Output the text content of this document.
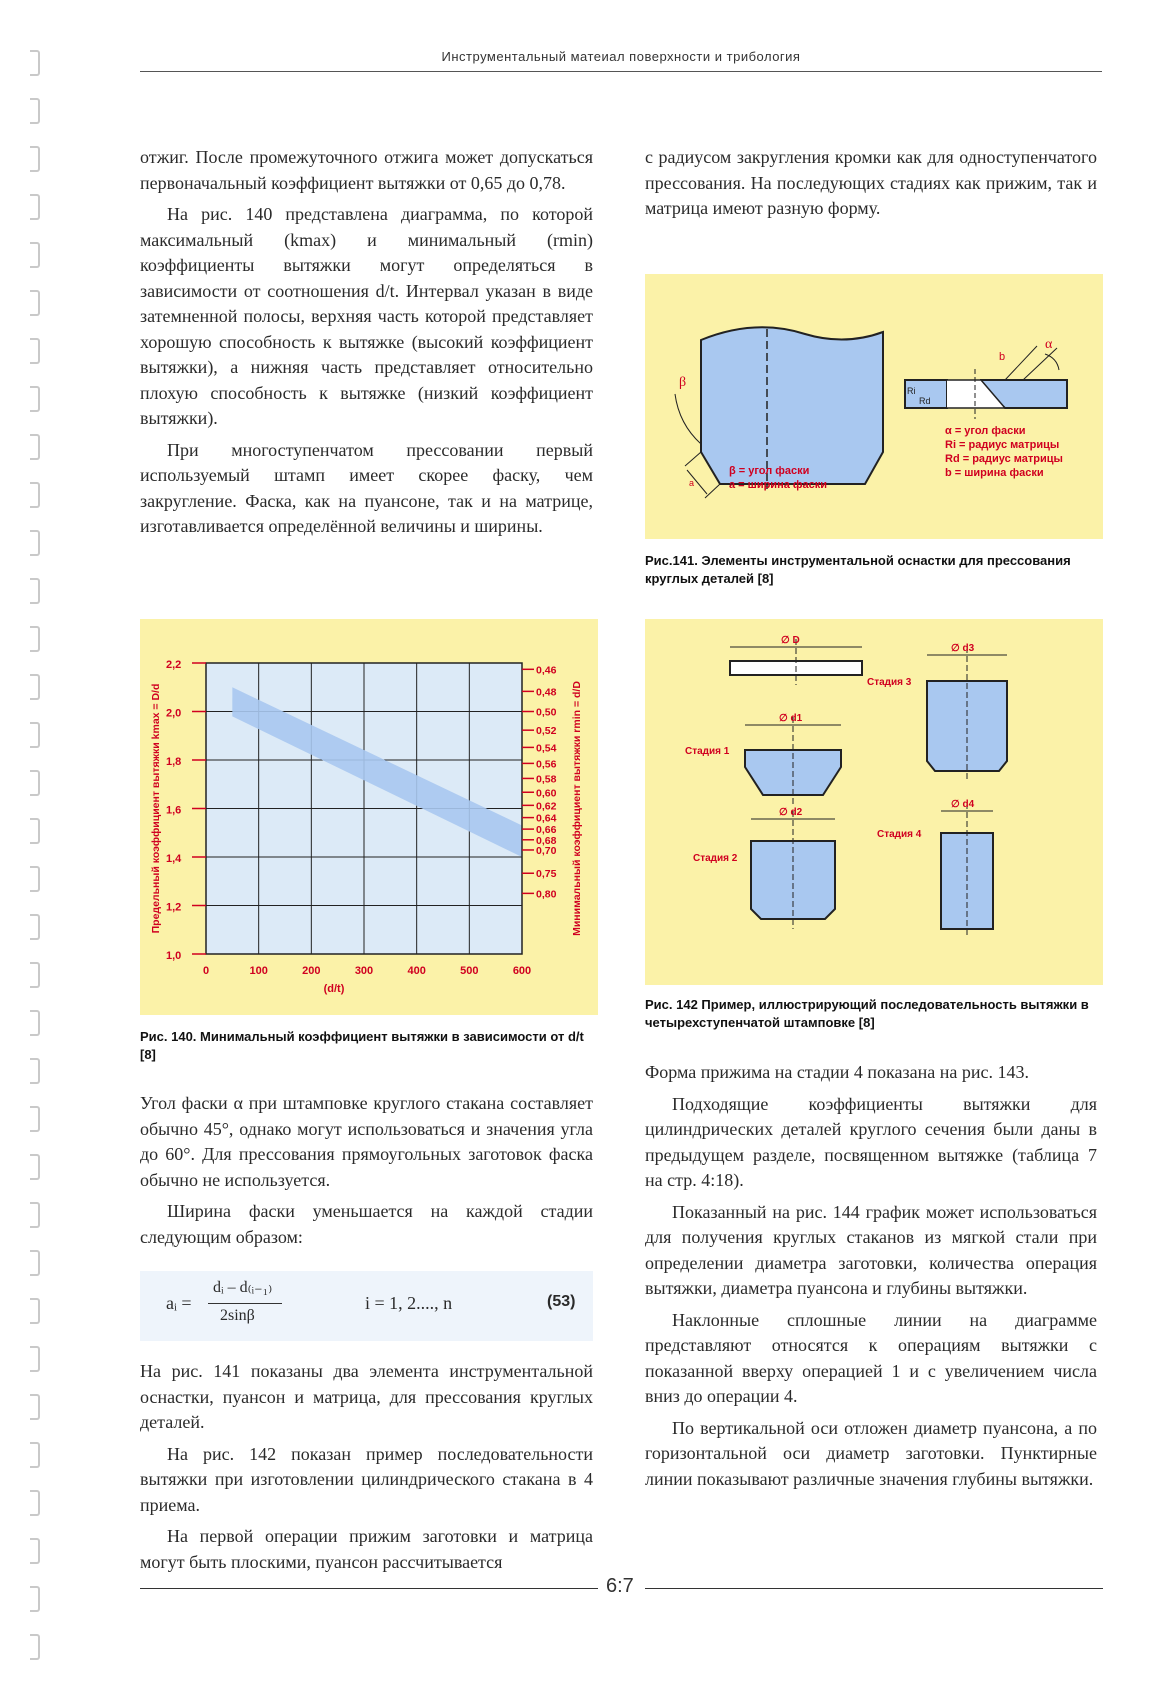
Инструментальный матеиал поверхности и трибология

отжиг. После промежуточного отжига может допускаться первоначальный коэффициент вытяжки от 0,65 до 0,78.

На рис. 140 представлена диаграмма, по которой максимальный (kmax) и минимальный (rmin) коэффициенты вытяжки могут определяться в зависимости от соотношения d/t. Интервал указан в виде затемненной полосы, верхняя часть которой представляет хорошую способность к вытяжке (высокий коэффициент вытяжки), а нижняя часть представляет относительно плохую способность к вытяжке (низкий коэффициент вытяжки).

При многоступенчатом прессовании первый используемый штамп имеет скорее фаску, чем закругление. Фаска, как на пуансоне, так и на матрице, изготавливается определённой величины и ширины.

1,0
1,2
1,4
1,6
1,8
2,0
2,2	0,46
0,48
0,50
0,52
0,54
0,56
0,58
0,60
0,62
0,64
0,66
0,68
0,70
0,75
0,80
0	100	200	300	400	500	600
(d/t)
Предельный коэффициент вытяжки kmax = D/d	Минимальный коэффициент вытяжки rmin = d/D
Рис. 140. Минимальный коэффициент вытяжки в зависимости от d/t [8]

Угол фаски α при штамповке круглого стакана составляет обычно 45°, однако могут использоваться и значения угла до 60°. Для прессования прямоугольных заготовок фаска обычно не используется.

Ширина фаски уменьшается на каждой стадии следующим образом:

aᵢ =
dᵢ – d₍ᵢ₋₁₎
2sinβ
i = 1, 2...., n	(53)

На рис. 141 показаны два элемента инструментальной оснастки, пуансон и матрица, для прессования круглых деталей.

На рис. 142 показан пример последовательности вытяжки при изготовлении цилиндрического стакана в 4 приема.

На первой операции прижим заготовки и матрица могут быть плоскими, пуансон рассчитывается

с радиусом закругления кромки как для одноступенчатого прессования. На последующих стадиях как прижим, так и матрица имеют разную форму.

β
a
α
b
Ri
Rd
β = угол фаски
a = ширина фаски
α = угол фаски
Ri = радиус матрицы
Rd = радиус матрицы
b = ширина фаски
Рис.141. Элементы инструментальной оснастки для прессования круглых деталей [8]
∅ D
∅ d1
Стадия 1
∅ d2
Стадия 2
∅ d3
Стадия 3
∅ d4
Стадия 4
Рис. 142 Пример, иллюстрирующий последовательность вытяжки в четырехступенчатой штамповке [8]

Форма прижима на стадии 4 показана на рис. 143.

Подходящие коэффициенты вытяжки для цилиндрических деталей круглого сечения были даны в предыдущем разделе, посвященном вытяжке (таблица 7 на стр. 4:18).

Показанный на рис. 144 график может использоваться для получения круглых стаканов из мягкой стали при определении диаметра заготовки, количества операция вытяжки, диаметра пуансона и глубины вытяжки.

Наклонные сплошные линии на диаграмме представляют относятся к операциям вытяжки с показанной вверху операцией 1 и с увеличением числа вниз до операции 4.

По вертикальной оси отложен диаметр пуансона, а по горизонтальной оси диаметр заготовки. Пунктирные линии показывают различные значения глубины вытяжки.

6:7
